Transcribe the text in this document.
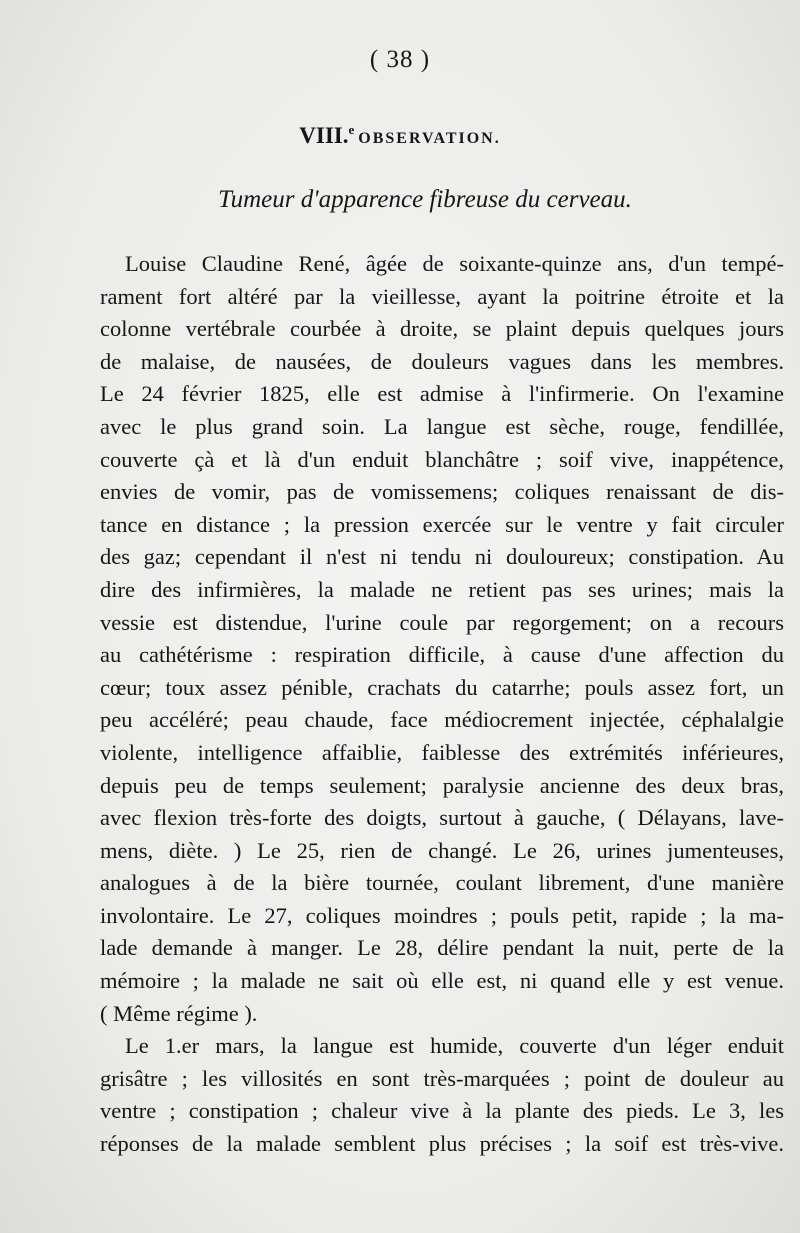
( 38 )
VIII.$^e$OBSERVATION.
Tumeur d'apparence fibreuse du cerveau.
Louise Claudine René, âgée de soixante-quinze ans, d'un tempé-
rament fort altéré par la vieillesse, ayant la poitrine étroite et la
colonne vertébrale courbée à droite, se plaint depuis quelques jours
de malaise, de nausées, de douleurs vagues dans les membres.
Le 24 février 1825, elle est admise à l'infirmerie. On l'examine
avec le plus grand soin. La langue est sèche, rouge, fendillée,
couverte çà et là d'un enduit blanchâtre ; soif vive, inappétence,
envies de vomir, pas de vomissemens; coliques renaissant de dis-
tance en distance ; la pression exercée sur le ventre y fait circuler
des gaz; cependant il n'est ni tendu ni douloureux; constipation. Au
dire des infirmières, la malade ne retient pas ses urines; mais la
vessie est distendue, l'urine coule par regorgement; on a recours
au cathétérisme : respiration difficile, à cause d'une affection du
cœur; toux assez pénible, crachats du catarrhe; pouls assez fort, un
peu accéléré; peau chaude, face médiocrement injectée, céphalalgie
violente, intelligence affaiblie, faiblesse des extrémités inférieures,
depuis peu de temps seulement; paralysie ancienne des deux bras,
avec flexion très-forte des doigts, surtout à gauche, ( Délayans, lave-
mens, diète. ) Le 25, rien de changé. Le 26, urines jumenteuses,
analogues à de la bière tournée, coulant librement, d'une manière
involontaire. Le 27, coliques moindres ; pouls petit, rapide ; la ma-
lade demande à manger. Le 28, délire pendant la nuit, perte de la
mémoire ; la malade ne sait où elle est, ni quand elle y est venue.
( Même régime ).
Le 1.er mars, la langue est humide, couverte d'un léger enduit
grisâtre ; les villosités en sont très-marquées ; point de douleur au
ventre ; constipation ; chaleur vive à la plante des pieds. Le 3, les
réponses de la malade semblent plus précises ; la soif est très-vive.
